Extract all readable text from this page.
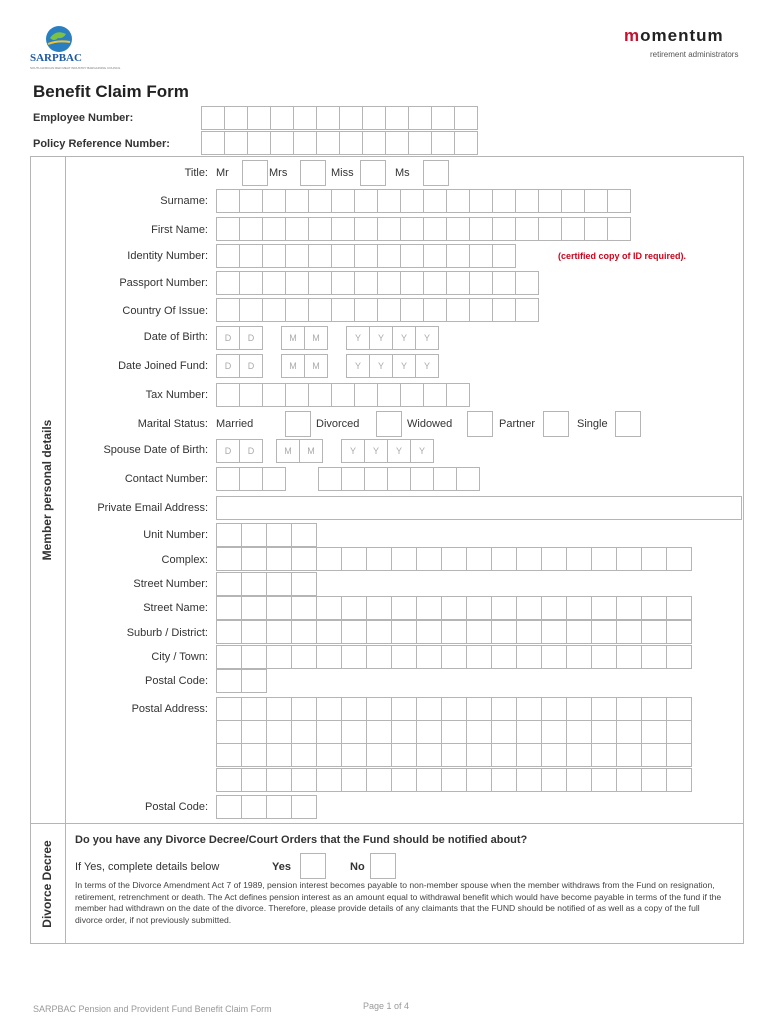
SARPBAC
SOUTH AFRICAN RED MEAT INDUSTRY BARGAINING COUNCIL
momentum
retirement administrators
Benefit Claim Form
Employee Number:
Policy Reference Number:
Member personal details
Title: Mr	Mrs	Miss	Ms
Surname:
First Name:
Identity Number:	(certified copy of ID required).
Passport Number:
Country Of Issue:
Date of Birth:	D	D	M	M	Y	Y	Y	Y
Date Joined Fund:	D	D	M	M	Y	Y	Y	Y
Tax Number:
Marital Status: Married	Divorced	Widowed	Partner	Single
Spouse Date of Birth:	D	D	M	M	Y	Y	Y	Y
Contact Number:
Private Email Address:
Unit Number:
Complex:
Street Number:
Street Name:
Suburb / District:
City / Town:
Postal Code:
Postal Address:
Postal Code:
Divorce Decree
Do you have any Divorce Decree/Court Orders that the Fund should be notified about?
If Yes, complete details below	Yes	No
In terms of the Divorce Amendment Act 7 of 1989, pension interest becomes payable to non-member spouse when the member withdraws from the Fund on resignation, retirement, retrenchment or death. The Act defines pension interest as an amount equal to withdrawal benefit which would have become payable in terms of the fund if the member had withdrawn on the date of the divorce. Therefore, please provide details of any claimants that the FUND should be notified of as well as a copy of the full divorce order, if not previously submitted.
SARPBAC Pension and Provident Fund Benefit Claim Form	Page 1 of 4
